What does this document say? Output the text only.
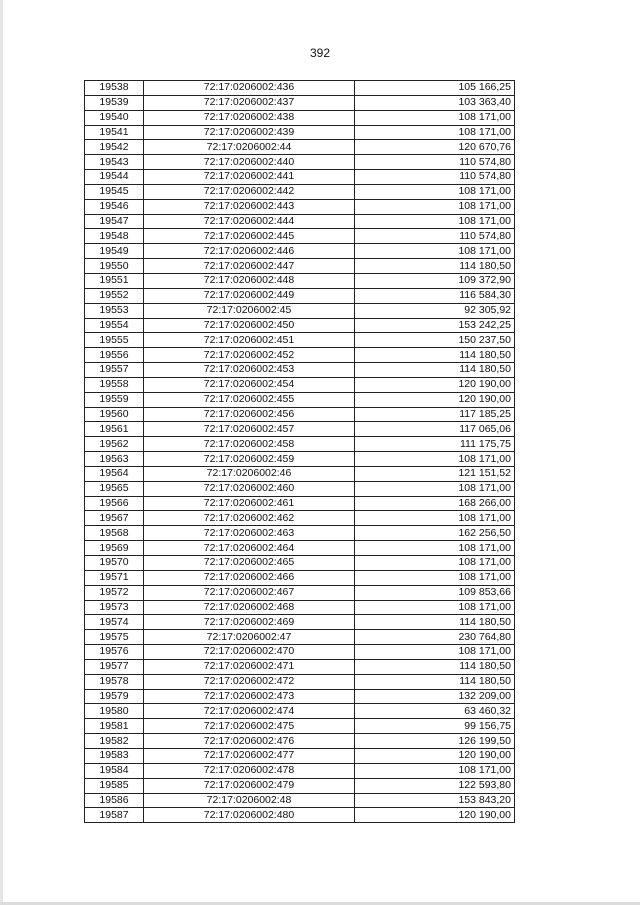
392
19538	72:17:0206002:436	105 166,25
19539	72:17:0206002:437	103 363,40
19540	72:17:0206002:438	108 171,00
19541	72:17:0206002:439	108 171,00
19542	72:17:0206002:44	120 670,76
19543	72:17:0206002:440	110 574,80
19544	72:17:0206002:441	110 574,80
19545	72:17:0206002:442	108 171,00
19546	72:17:0206002:443	108 171,00
19547	72:17:0206002:444	108 171,00
19548	72:17:0206002:445	110 574,80
19549	72:17:0206002:446	108 171,00
19550	72:17:0206002:447	114 180,50
19551	72:17:0206002:448	109 372,90
19552	72:17:0206002:449	116 584,30
19553	72:17:0206002:45	92 305,92
19554	72:17:0206002:450	153 242,25
19555	72:17:0206002:451	150 237,50
19556	72:17:0206002:452	114 180,50
19557	72:17:0206002:453	114 180,50
19558	72:17:0206002:454	120 190,00
19559	72:17:0206002:455	120 190,00
19560	72:17:0206002:456	117 185,25
19561	72:17:0206002:457	117 065,06
19562	72:17:0206002:458	111 175,75
19563	72:17:0206002:459	108 171,00
19564	72:17:0206002:46	121 151,52
19565	72:17:0206002:460	108 171,00
19566	72:17:0206002:461	168 266,00
19567	72:17:0206002:462	108 171,00
19568	72:17:0206002:463	162 256,50
19569	72:17:0206002:464	108 171,00
19570	72:17:0206002:465	108 171,00
19571	72:17:0206002:466	108 171,00
19572	72:17:0206002:467	109 853,66
19573	72:17:0206002:468	108 171,00
19574	72:17:0206002:469	114 180,50
19575	72:17:0206002:47	230 764,80
19576	72:17:0206002:470	108 171,00
19577	72:17:0206002:471	114 180,50
19578	72:17:0206002:472	114 180,50
19579	72:17:0206002:473	132 209,00
19580	72:17:0206002:474	63 460,32
19581	72:17:0206002:475	99 156,75
19582	72:17:0206002:476	126 199,50
19583	72:17:0206002:477	120 190,00
19584	72:17:0206002:478	108 171,00
19585	72:17:0206002:479	122 593,80
19586	72:17:0206002:48	153 843,20
19587	72:17:0206002:480	120 190,00
